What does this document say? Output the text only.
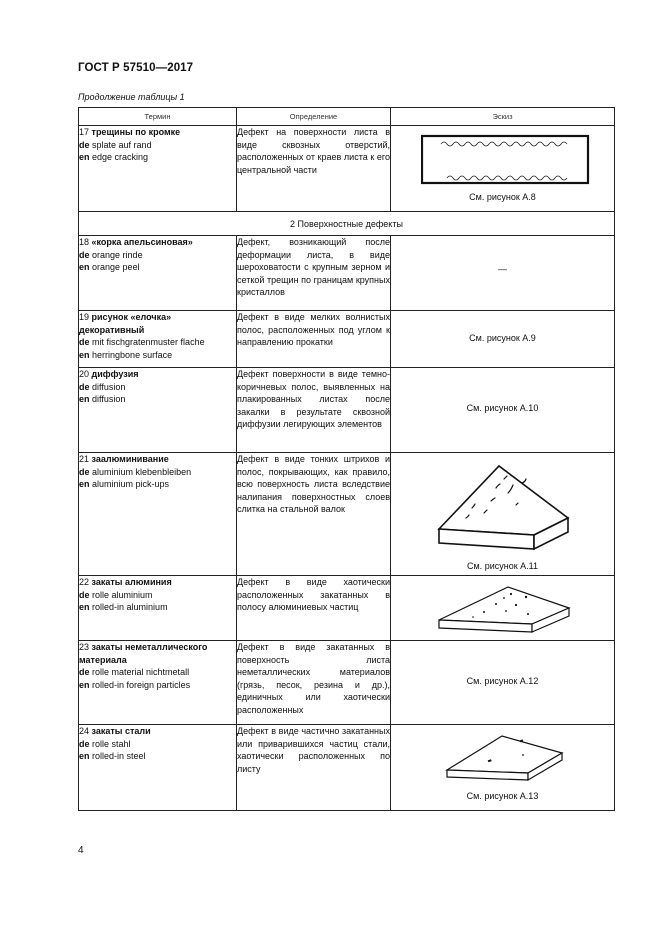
ГОСТ Р 57510—2017
Продолжение таблицы 1
Термин	Определение	Эскиз
17 трещины по кромке
de splate auf rand
en edge cracking	Дефект на поверхности листа в виде сквозных отверстий, расположенных от краев листа к его центральной части	См. рисунок А.8

2 Поверхностные дефекты		
18 «корка апельсиновая»
de orange rinde
en orange peel	Дефект, возникающий после деформации листа, в виде шероховатости с крупным зерном и сеткой трещин по границам крупных кристаллов	—

19 рисунок «елочка» декоративный
de mit fischgratenmuster flache
en herringbone surface	Дефект в виде мелких волнистых полос, расположенных под углом к направлению прокатки	См. рисунок А.9

20 диффузия
de diffusion
en diffusion	Дефект поверхности в виде темно-коричневых полос, выявленных на плакированных листах после закалки в результате сквозной диффузии легирующих элементов	См. рисунок А.10

21 заалюминивание
de aluminium klebenbleiben
en aluminium pick-ups	Дефект в виде тонких штрихов и полос, покрывающих, как правило, всю поверхность листа вследствие налипания поверхностных слоев слитка на стальной валок	См. рисунок А.11

22 закаты алюминия
de rolle aluminium
en rolled-in aluminium	Дефект в виде хаотически расположенных закатанных в полосу алюминиевых частиц	

23 закаты неметаллического материала
de rolle material nichtmetall
en rolled-in foreign particles	Дефект в виде закатанных в поверхность листа неметаллических материалов (грязь, песок, резина и др.), единичных или хаотически расположенных	См. рисунок А.12

24 закаты стали
de rolle stahl
en rolled-in steel	Дефект в виде частично закатанных или приварившихся частиц стали, хаотически расположенных по листу	См. рисунок А.13
4
